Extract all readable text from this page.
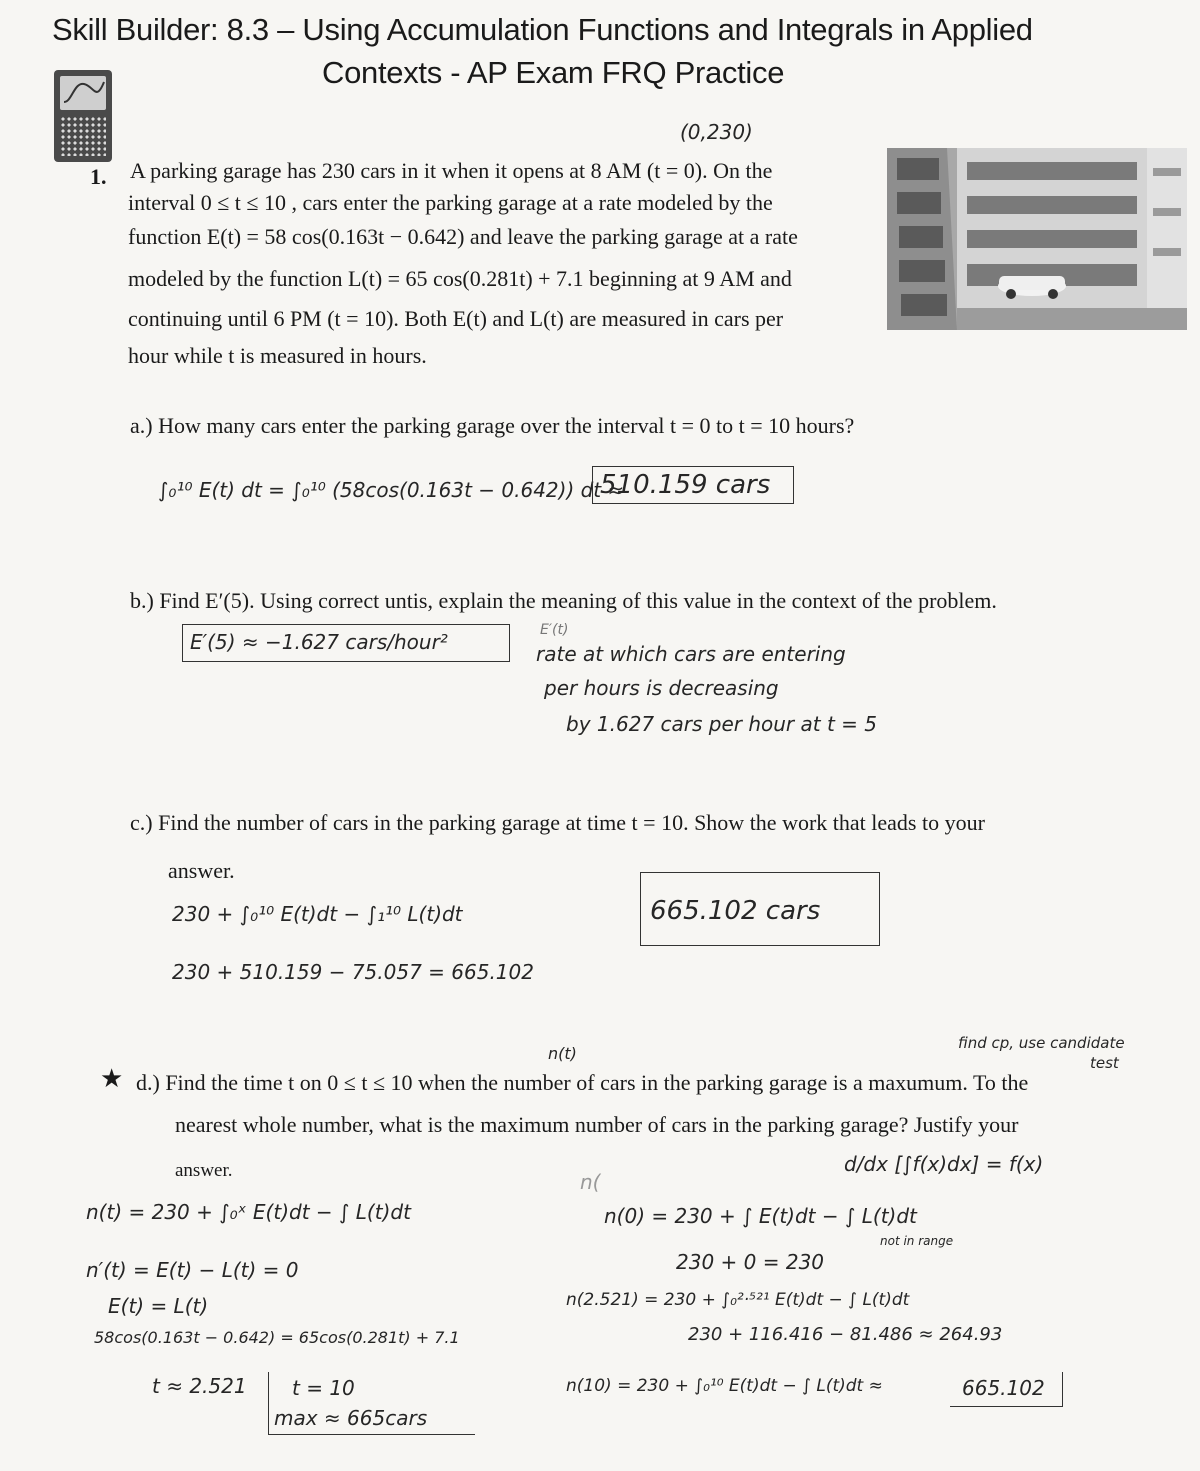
Skill Builder: 8.3 – Using Accumulation Functions and Integrals in Applied
Contexts - AP Exam FRQ Practice
(0,230)
1. A parking garage has 230 cars in it when it opens at 8 AM (t = 0). On the
interval 0 ≤ t ≤ 10 , cars enter the parking garage at a rate modeled by the
function E(t) = 58 cos(0.163t − 0.642) and leave the parking garage at a rate
modeled by the function L(t) = 65 cos(0.281t) + 7.1 beginning at 9 AM and
continuing until 6 PM (t = 10). Both E(t) and L(t) are measured in cars per
hour while t is measured in hours.
a.) How many cars enter the parking garage over the interval t = 0 to t = 10 hours?
∫₀¹⁰ E(t) dt = ∫₀¹⁰ (58cos(0.163t − 0.642)) dt ≈
510.159 cars
b.) Find E′(5). Using correct untis, explain the meaning of this value in the context of the problem.
E′(5) ≈ −1.627 cars/hour²	E′(t)
rate at which cars are entering
per hours is decreasing
by 1.627 cars per hour at t = 5
c.) Find the number of cars in the parking garage at time t = 10. Show the work that leads to your
answer.
230 + ∫₀¹⁰ E(t)dt − ∫₁¹⁰ L(t)dt
230 + 510.159 − 75.057 = 665.102
665.102 cars
n(t)
find cp, use candidate
test
★ d.) Find the time t on 0 ≤ t ≤ 10 when the number of cars in the parking garage is a maxumum. To the
nearest whole number, what is the maximum number of cars in the parking garage? Justify your
answer.	d/dx [∫f(x)dx] = f(x)
n(t) = 230 + ∫₀ˣ E(t)dt − ∫ L(t)dt
n′(t) = E(t) − L(t) = 0
E(t) = L(t)
58cos(0.163t − 0.642) = 65cos(0.281t) + 7.1
t ≈ 2.521 t = 10
max ≈ 665cars
n(
n(0) = 230 + ∫ E(t)dt − ∫ L(t)dt
not in range
230 + 0 = 230
n(2.521) = 230 + ∫₀²·⁵²¹ E(t)dt − ∫ L(t)dt
230 + 116.416 − 81.486 ≈ 264.93
n(10) = 230 + ∫₀¹⁰ E(t)dt − ∫ L(t)dt ≈	665.102
